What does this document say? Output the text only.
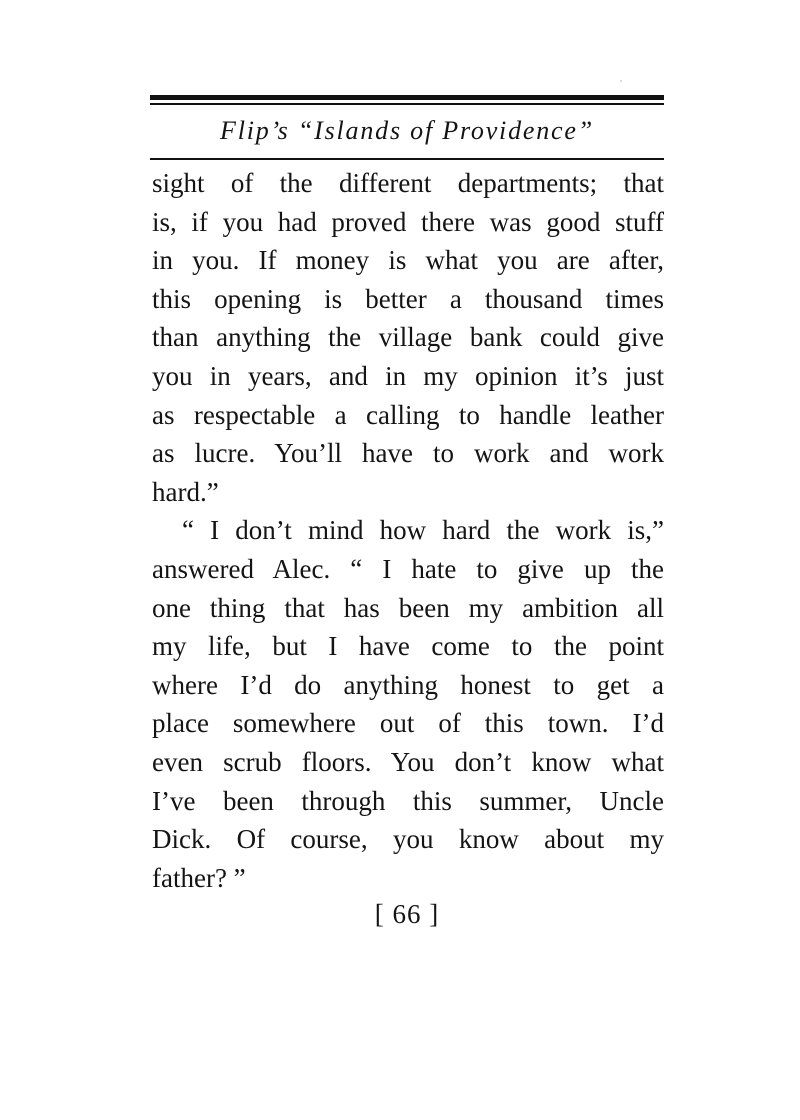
Flip’s “Islands of Providence”
sight of the different departments; that
is, if you had proved there was good stuff
in you. If money is what you are after,
this opening is better a thousand times
than anything the village bank could give
you in years, and in my opinion it’s just
as respectable a calling to handle leather
as lucre. You’ll have to work and work
hard.”
“ I don’t mind how hard the work is,”
answered Alec. “ I hate to give up the
one thing that has been my ambition all
my life, but I have come to the point
where I’d do anything honest to get a
place somewhere out of this town. I’d
even scrub floors. You don’t know what
I’ve been through this summer, Uncle
Dick. Of course, you know about my
father? ”
[ 66 ]
